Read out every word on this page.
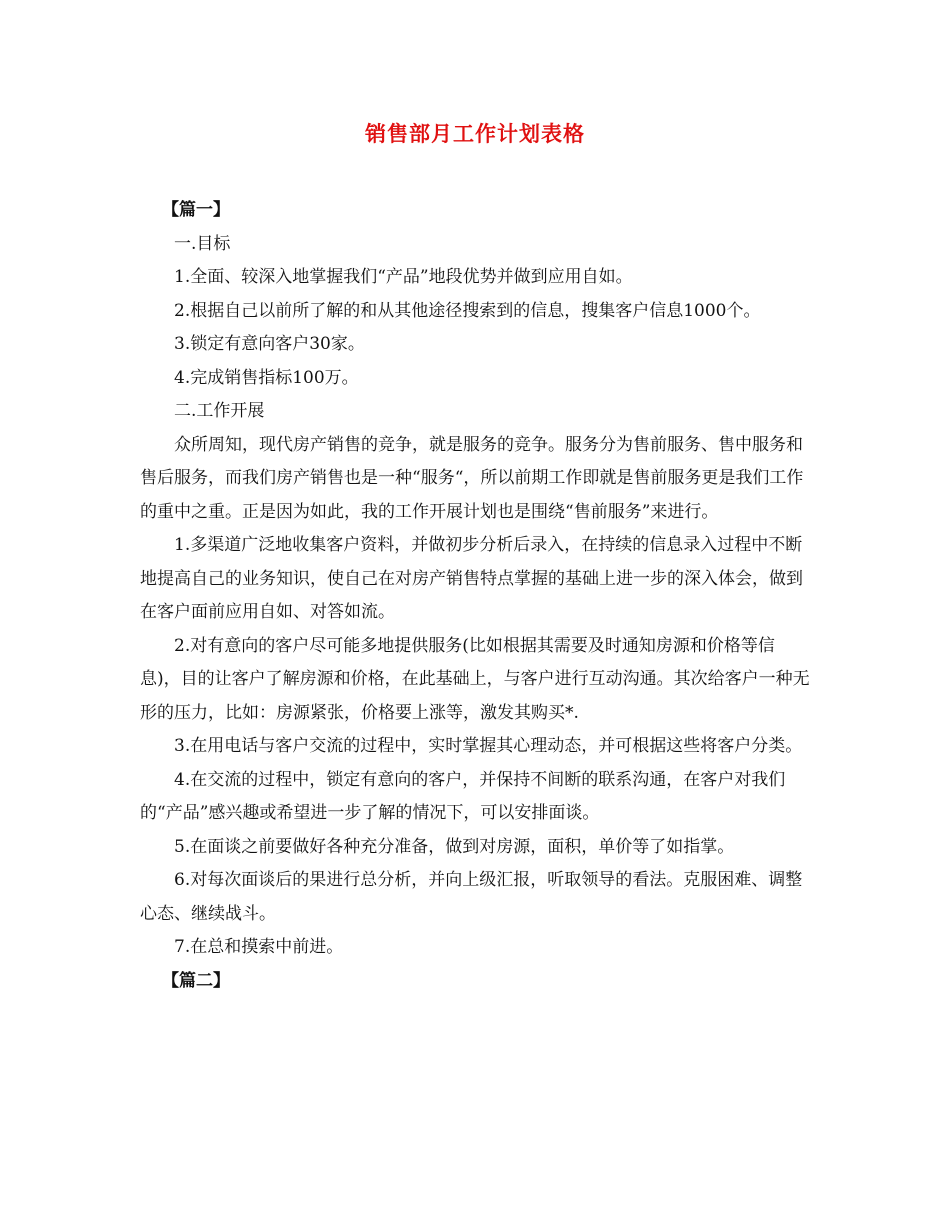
销售部月工作计划表格

【篇一】

一.目标

1.全面、较深入地掌握我们“产品”地段优势并做到应用自如。

2.根据自己以前所了解的和从其他途径搜索到的信息，搜集客户信息1000个。

3.锁定有意向客户30家。

4.完成销售指标100万。

二.工作开展

众所周知，现代房产销售的竞争，就是服务的竞争。服务分为售前服务、售中服务和售后服务，而我们房产销售也是一种“服务“，所以前期工作即就是售前服务更是我们工作的重中之重。正是因为如此，我的工作开展计划也是围绕“售前服务”来进行。

1.多渠道广泛地收集客户资料，并做初步分析后录入，在持续的信息录入过程中不断地提高自己的业务知识，使自己在对房产销售特点掌握的基础上进一步的深入体会，做到在客户面前应用自如、对答如流。

2.对有意向的客户尽可能多地提供服务(比如根据其需要及时通知房源和价格等信息)，目的让客户了解房源和价格，在此基础上，与客户进行互动沟通。其次给客户一种无形的压力，比如：房源紧张，价格要上涨等，激发其购买*.

3.在用电话与客户交流的过程中，实时掌握其心理动态，并可根据这些将客户分类。

4.在交流的过程中，锁定有意向的客户，并保持不间断的联系沟通，在客户对我们的“产品”感兴趣或希望进一步了解的情况下，可以安排面谈。

5.在面谈之前要做好各种充分准备，做到对房源，面积，单价等了如指掌。

6.对每次面谈后的果进行总分析，并向上级汇报，听取领导的看法。克服困难、调整心态、继续战斗。

7.在总和摸索中前进。

【篇二】
